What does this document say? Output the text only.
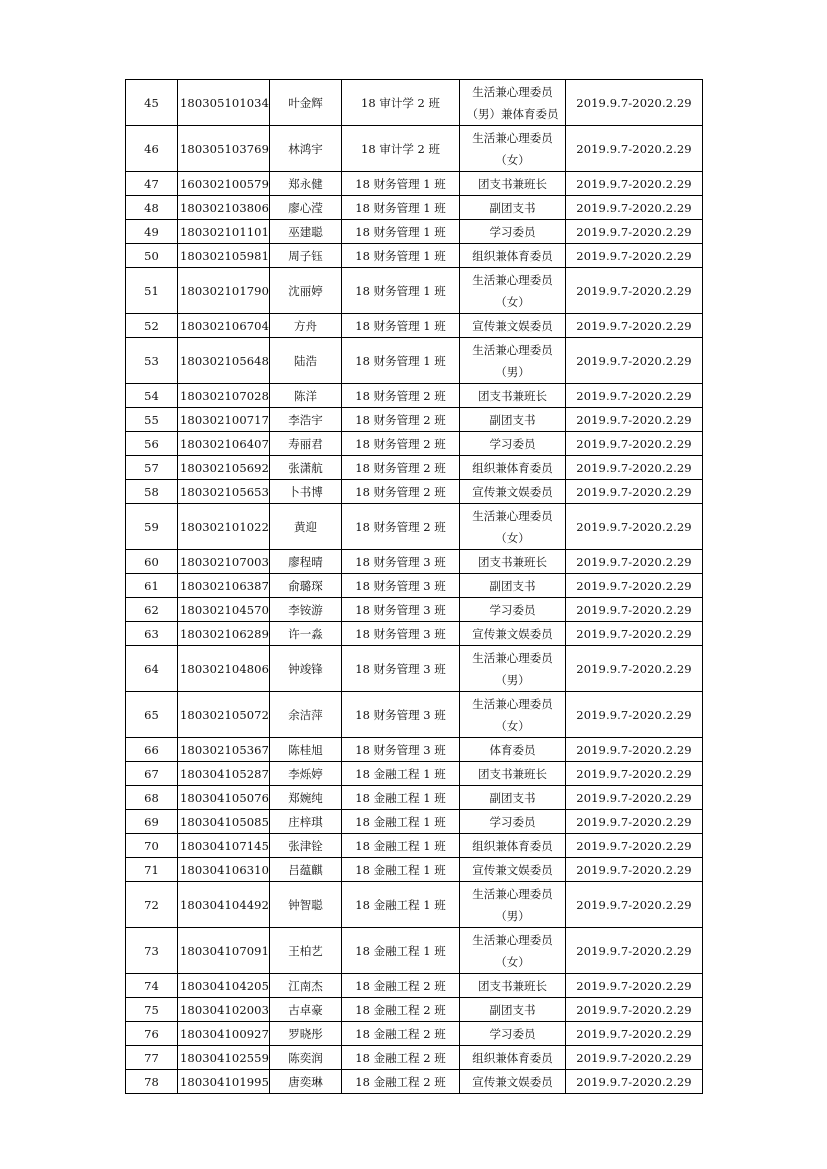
45	180305101034	叶金辉	18 审计学 2 班	生活兼心理委员
（男）兼体育委员	2019.9.7-2020.2.29
46	180305103769	林鸿宇	18 审计学 2 班	生活兼心理委员
（女）	2019.9.7-2020.2.29
47	160302100579	郑永健	18 财务管理 1 班	团支书兼班长	2019.9.7-2020.2.29
48	180302103806	廖心滢	18 财务管理 1 班	副团支书	2019.9.7-2020.2.29
49	180302101101	巫建聪	18 财务管理 1 班	学习委员	2019.9.7-2020.2.29
50	180302105981	周子钰	18 财务管理 1 班	组织兼体育委员	2019.9.7-2020.2.29
51	180302101790	沈丽婷	18 财务管理 1 班	生活兼心理委员
（女）	2019.9.7-2020.2.29
52	180302106704	方舟	18 财务管理 1 班	宣传兼文娱委员	2019.9.7-2020.2.29
53	180302105648	陆浩	18 财务管理 1 班	生活兼心理委员
（男）	2019.9.7-2020.2.29
54	180302107028	陈洋	18 财务管理 2 班	团支书兼班长	2019.9.7-2020.2.29
55	180302100717	李浩宇	18 财务管理 2 班	副团支书	2019.9.7-2020.2.29
56	180302106407	寿丽君	18 财务管理 2 班	学习委员	2019.9.7-2020.2.29
57	180302105692	张潇航	18 财务管理 2 班	组织兼体育委员	2019.9.7-2020.2.29
58	180302105653	卜书博	18 财务管理 2 班	宣传兼文娱委员	2019.9.7-2020.2.29
59	180302101022	黄迎	18 财务管理 2 班	生活兼心理委员
（女）	2019.9.7-2020.2.29
60	180302107003	廖程晴	18 财务管理 3 班	团支书兼班长	2019.9.7-2020.2.29
61	180302106387	俞璐琛	18 财务管理 3 班	副团支书	2019.9.7-2020.2.29
62	180302104570	李铵游	18 财务管理 3 班	学习委员	2019.9.7-2020.2.29
63	180302106289	许一淼	18 财务管理 3 班	宣传兼文娱委员	2019.9.7-2020.2.29
64	180302104806	钟竣锋	18 财务管理 3 班	生活兼心理委员
（男）	2019.9.7-2020.2.29
65	180302105072	余洁萍	18 财务管理 3 班	生活兼心理委员
（女）	2019.9.7-2020.2.29
66	180302105367	陈桂旭	18 财务管理 3 班	体育委员	2019.9.7-2020.2.29
67	180304105287	李烁婷	18 金融工程 1 班	团支书兼班长	2019.9.7-2020.2.29
68	180304105076	郑婉纯	18 金融工程 1 班	副团支书	2019.9.7-2020.2.29
69	180304105085	庄梓琪	18 金融工程 1 班	学习委员	2019.9.7-2020.2.29
70	180304107145	张津铨	18 金融工程 1 班	组织兼体育委员	2019.9.7-2020.2.29
71	180304106310	吕蕴麒	18 金融工程 1 班	宣传兼文娱委员	2019.9.7-2020.2.29
72	180304104492	钟智聪	18 金融工程 1 班	生活兼心理委员
（男）	2019.9.7-2020.2.29
73	180304107091	王柏艺	18 金融工程 1 班	生活兼心理委员
（女）	2019.9.7-2020.2.29
74	180304104205	江南杰	18 金融工程 2 班	团支书兼班长	2019.9.7-2020.2.29
75	180304102003	古卓豪	18 金融工程 2 班	副团支书	2019.9.7-2020.2.29
76	180304100927	罗晓彤	18 金融工程 2 班	学习委员	2019.9.7-2020.2.29
77	180304102559	陈奕润	18 金融工程 2 班	组织兼体育委员	2019.9.7-2020.2.29
78	180304101995	唐奕琳	18 金融工程 2 班	宣传兼文娱委员	2019.9.7-2020.2.29
